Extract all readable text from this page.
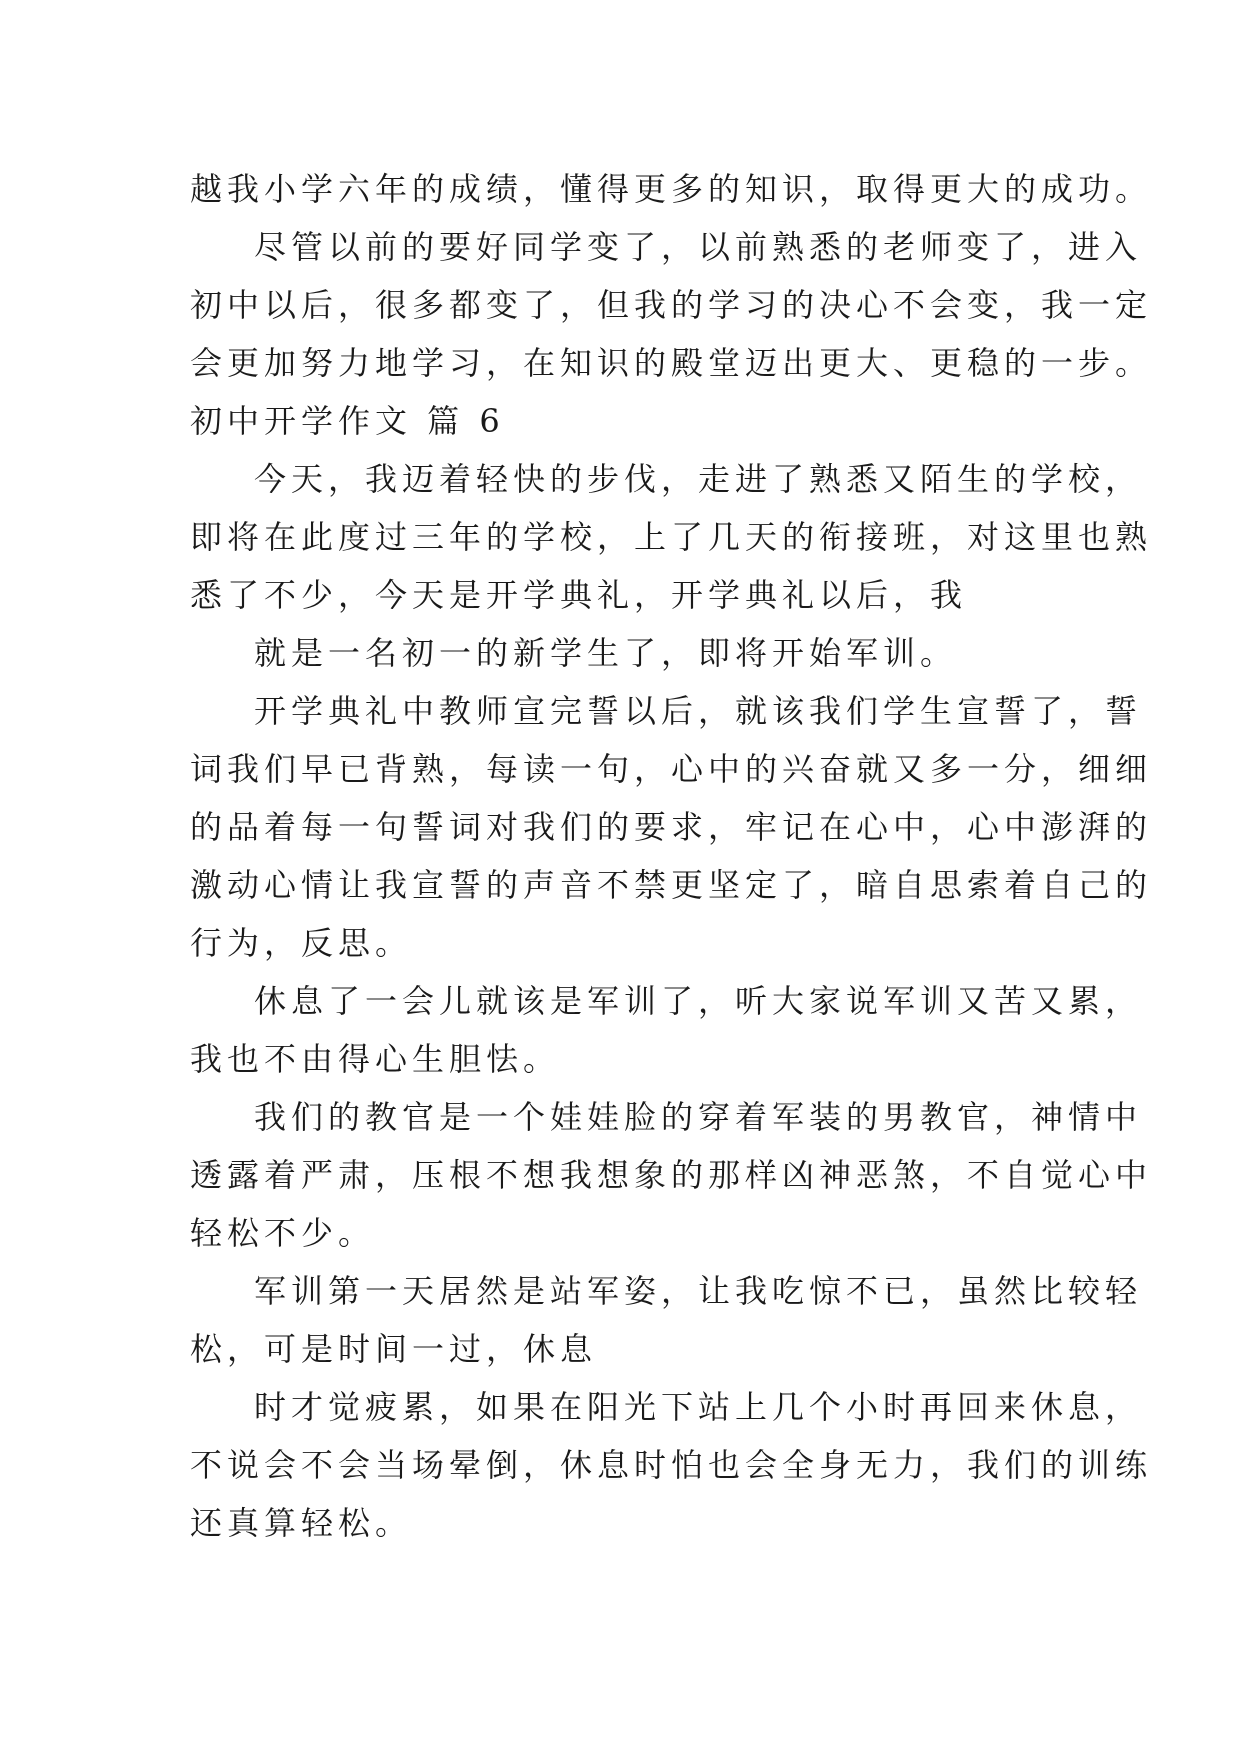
越我小学六年的成绩，懂得更多的知识，取得更大的成功。
尽管以前的要好同学变了，以前熟悉的老师变了，进入
初中以后，很多都变了，但我的学习的决心不会变，我一定
会更加努力地学习，在知识的殿堂迈出更大、更稳的一步。
初中开学作文 篇 6
今天，我迈着轻快的步伐，走进了熟悉又陌生的学校，
即将在此度过三年的学校，上了几天的衔接班，对这里也熟
悉了不少，今天是开学典礼，开学典礼以后，我
就是一名初一的新学生了，即将开始军训。
开学典礼中教师宣完誓以后，就该我们学生宣誓了，誓
词我们早已背熟，每读一句，心中的兴奋就又多一分，细细
的品着每一句誓词对我们的要求，牢记在心中，心中澎湃的
激动心情让我宣誓的声音不禁更坚定了，暗自思索着自己的
行为，反思。
休息了一会儿就该是军训了，听大家说军训又苦又累，
我也不由得心生胆怯。
我们的教官是一个娃娃脸的穿着军装的男教官，神情中
透露着严肃，压根不想我想象的那样凶神恶煞，不自觉心中
轻松不少。
军训第一天居然是站军姿，让我吃惊不已，虽然比较轻
松，可是时间一过，休息
时才觉疲累，如果在阳光下站上几个小时再回来休息，
不说会不会当场晕倒，休息时怕也会全身无力，我们的训练
还真算轻松。
